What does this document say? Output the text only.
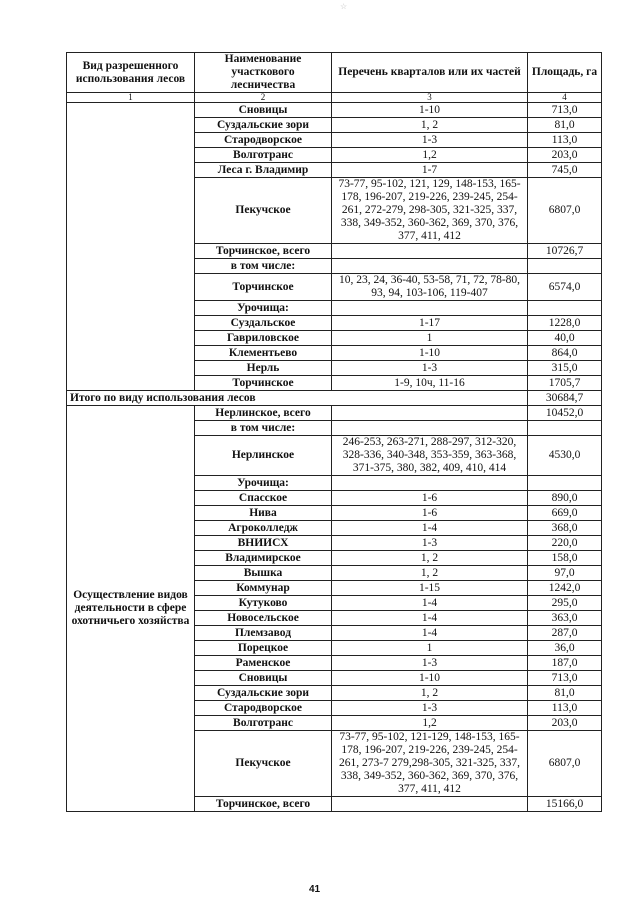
☆
Вид разрешенного использования лесов	Наименование участкового лесничества	Перечень кварталов или их частей	Площадь, га
1	2	3	4
	Сновицы	1-10	713,0
	Суздальские зори	1, 2	81,0
	Стародворское	1-3	113,0
	Волготранс	1,2	203,0
	Леса г. Владимир	1-7	745,0
	Пекучское	73-77, 95-102, 121, 129, 148-153, 165-178, 196-207, 219-226, 239-245, 254-261, 272-279, 298-305, 321-325, 337, 338, 349-352, 360-362, 369, 370, 376, 377, 411, 412	6807,0
	Торчинское, всего		10726,7
	в том числе:		
	Торчинское	10, 23, 24, 36-40, 53-58, 71, 72, 78-80, 93, 94, 103-106, 119-407	6574,0
	Урочища:		
	Суздальское	1-17	1228,0
	Гавриловское	1	40,0
	Клементьево	1-10	864,0
	Нерль	1-3	315,0
	Торчинское	1-9, 10ч, 11-16	1705,7
Итого по виду использования лесов			30684,7
Осуществление видов деятельности в сфере охотничьего хозяйства	Нерлинское, всего		10452,0
	в том числе:		
	Нерлинское	246-253, 263-271, 288-297, 312-320, 328-336, 340-348, 353-359, 363-368, 371-375, 380, 382, 409, 410, 414	4530,0
	Урочища:		
	Спасское	1-6	890,0
	Нива	1-6	669,0
	Агроколледж	1-4	368,0
	ВНИИСХ	1-3	220,0
	Владимирское	1, 2	158,0
	Вышка	1, 2	97,0
	Коммунар	1-15	1242,0
	Кутуково	1-4	295,0
	Новосельское	1-4	363,0
	Племзавод	1-4	287,0
	Порецкое	1	36,0
	Раменское	1-3	187,0
	Сновицы	1-10	713,0
	Суздальские зори	1, 2	81,0
	Стародворское	1-3	113,0
	Волготранс	1,2	203,0
	Пекучское	73-77, 95-102, 121-129, 148-153, 165-178, 196-207, 219-226, 239-245, 254-261, 273-7 279,298-305, 321-325, 337, 338, 349-352, 360-362, 369, 370, 376, 377, 411, 412	6807,0
	Торчинское, всего		15166,0
41
